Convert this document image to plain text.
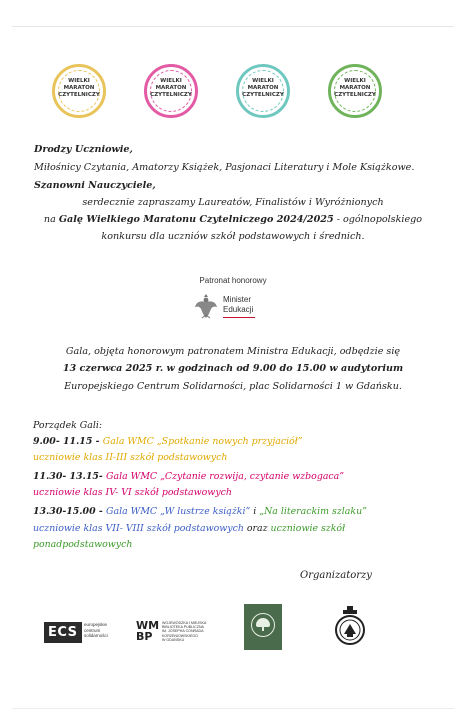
WIELKI
MARATON
CZYTELNICZY
WIELKI
MARATON
CZYTELNICZY
WIELKI
MARATON
CZYTELNICZY
WIELKI
MARATON
CZYTELNICZY
Drodzy Uczniowie,
Miłośnicy Czytania, Amatorzy Książek, Pasjonaci Literatury i Mole Książkowe.
Szanowni Nauczyciele,
serdecznie zapraszamy Laureatów, Finalistów i Wyróżnionych
na Galę Wielkiego Maratonu Czytelniczego 2024/2025 - ogólnopolskiego
konkursu dla uczniów szkół podstawowych i średnich.
Patronat honorowy
Minister
Edukacji
Gala, objęta honorowym patronatem Ministra Edukacji, odbędzie się
13 czerwca 2025 r. w godzinach od 9.00 do 15.00 w audytorium
Europejskiego Centrum Solidarności, plac Solidarności 1 w Gdańsku.
Porządek Gali:
9.00- 11.15 - Gala WMC „Spotkanie nowych przyjaciół”
uczniowie klas II-III szkół podstawowych
11.30- 13.15- Gala WMC „Czytanie rozwija, czytanie wzbogaca”
uczniowie klas IV- VI szkół podstawowych
13.30-15.00 - Gala WMC „W lustrze książki” i „Na literackim szlaku”
uczniowie klas VII- VIII szkół podstawowych oraz uczniowie szkół
ponadpodstawowych
Organizatorzy
ECS
europejskie
centrum
solidarności
WM BP
WOJEWÓDZKA I MIEJSKA
BIBLIOTEKA PUBLICZNA
IM. JOSEPHA CONRADA
KORZENIOWSKIEGO
W GDAŃSKU
